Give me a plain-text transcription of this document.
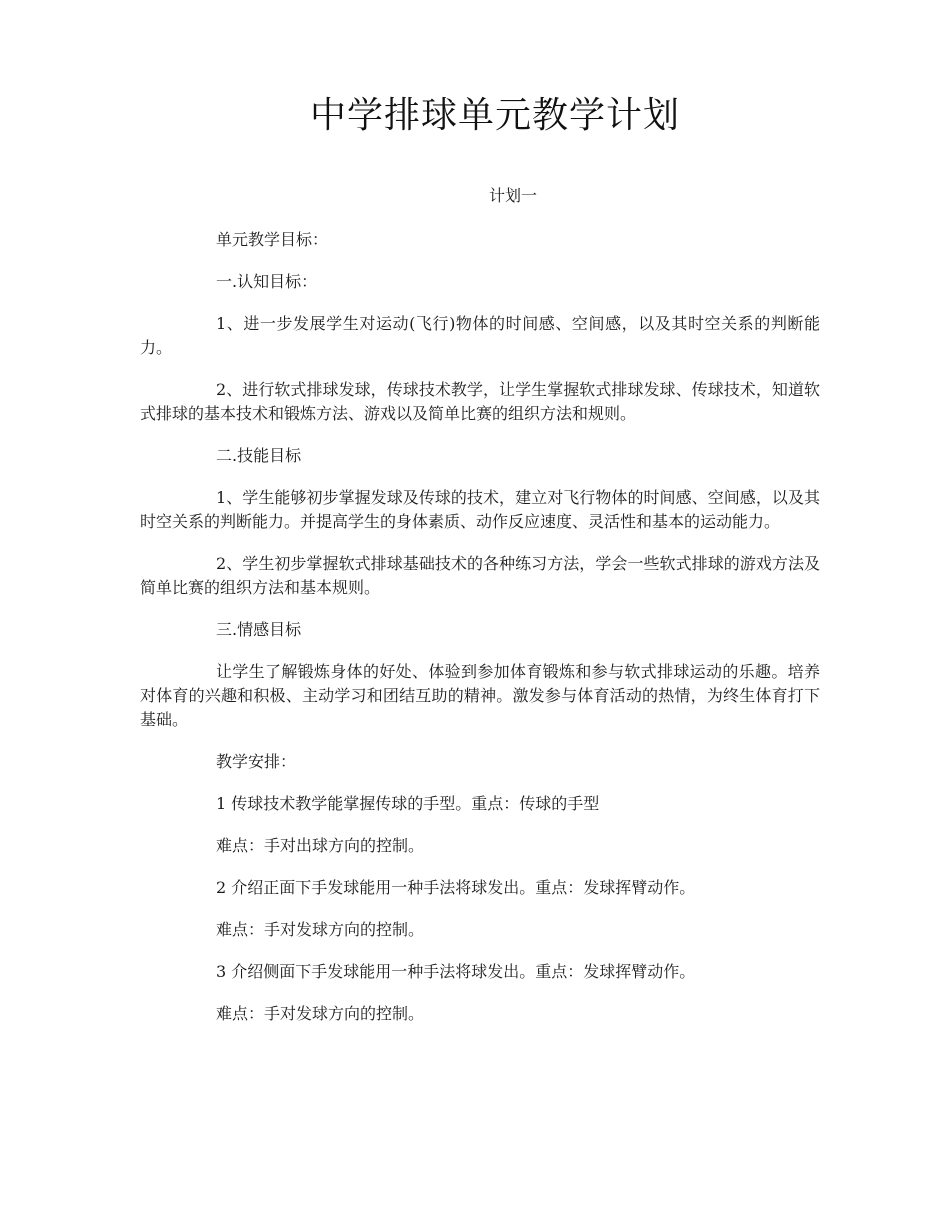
中学排球单元教学计划
计划一

单元教学目标：

一.认知目标：

1、进一步发展学生对运动(飞行)物体的时间感、空间感，以及其时空关系的判断能力。

2、进行软式排球发球，传球技术教学，让学生掌握软式排球发球、传球技术，知道软式排球的基本技术和锻炼方法、游戏以及简单比赛的组织方法和规则。

二.技能目标

1、学生能够初步掌握发球及传球的技术，建立对飞行物体的时间感、空间感，以及其时空关系的判断能力。并提高学生的身体素质、动作反应速度、灵活性和基本的运动能力。

2、学生初步掌握软式排球基础技术的各种练习方法，学会一些软式排球的游戏方法及简单比赛的组织方法和基本规则。

三.情感目标

让学生了解锻炼身体的好处、体验到参加体育锻炼和参与软式排球运动的乐趣。培养对体育的兴趣和积极、主动学习和团结互助的精神。激发参与体育活动的热情，为终生体育打下基础。

教学安排：

1 传球技术教学能掌握传球的手型。重点：传球的手型

难点：手对出球方向的控制。

2 介绍正面下手发球能用一种手法将球发出。重点：发球挥臂动作。

难点：手对发球方向的控制。

3 介绍侧面下手发球能用一种手法将球发出。重点：发球挥臂动作。

难点：手对发球方向的控制。
